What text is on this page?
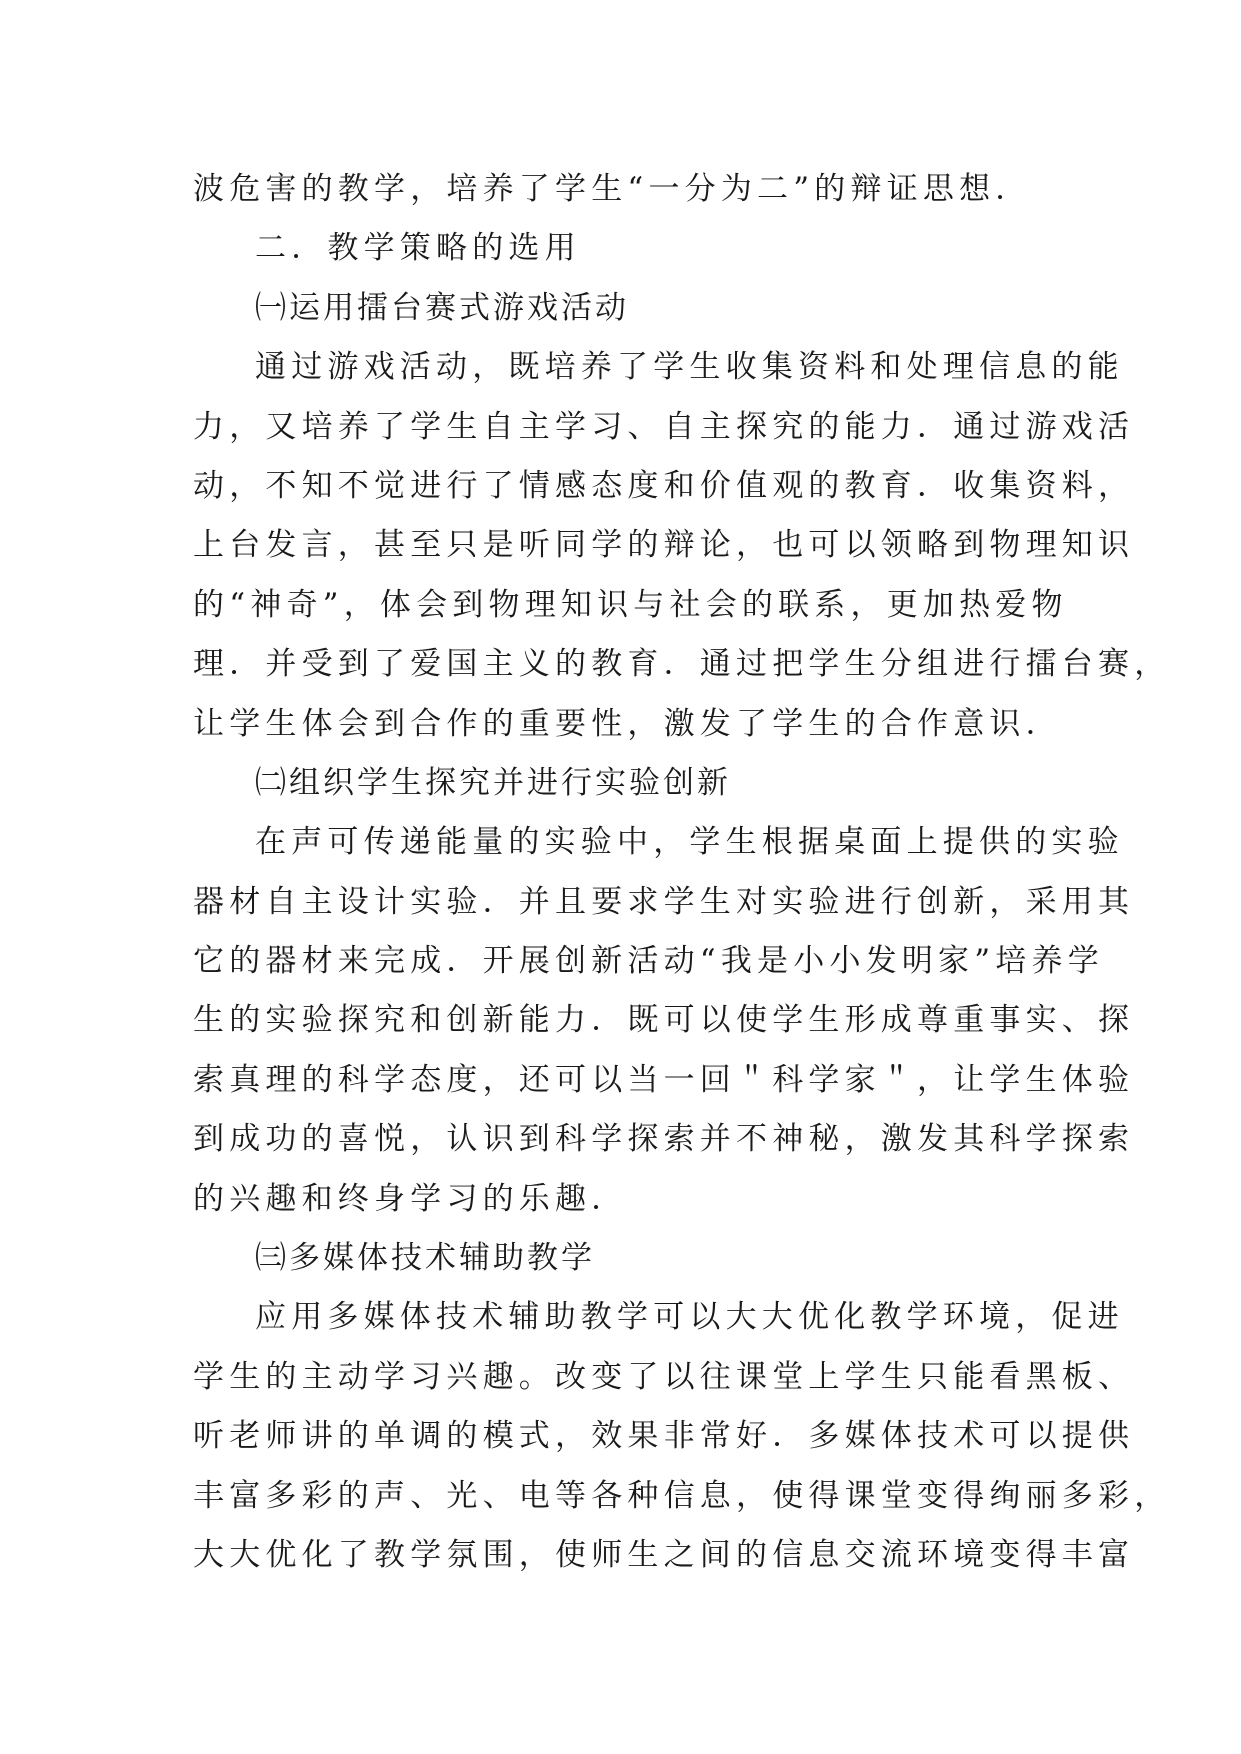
波危害的教学，培养了学生“一分为二”的辩证思想．
二．教学策略的选用
㈠运用擂台赛式游戏活动
通过游戏活动，既培养了学生收集资料和处理信息的能
力，又培养了学生自主学习、自主探究的能力．通过游戏活
动，不知不觉进行了情感态度和价值观的教育．收集资料，
上台发言，甚至只是听同学的辩论，也可以领略到物理知识
的“神奇”，体会到物理知识与社会的联系，更加热爱物
理．并受到了爱国主义的教育．通过把学生分组进行擂台赛，
让学生体会到合作的重要性，激发了学生的合作意识．
㈡组织学生探究并进行实验创新
在声可传递能量的实验中，学生根据桌面上提供的实验
器材自主设计实验．并且要求学生对实验进行创新，采用其
它的器材来完成．开展创新活动“我是小小发明家”培养学
生的实验探究和创新能力．既可以使学生形成尊重事实、探
索真理的科学态度，还可以当一回＂科学家＂，让学生体验
到成功的喜悦，认识到科学探索并不神秘，激发其科学探索
的兴趣和终身学习的乐趣．
㈢多媒体技术辅助教学
应用多媒体技术辅助教学可以大大优化教学环境，促进
学生的主动学习兴趣。改变了以往课堂上学生只能看黑板、
听老师讲的单调的模式，效果非常好．多媒体技术可以提供
丰富多彩的声、光、电等各种信息，使得课堂变得绚丽多彩，
大大优化了教学氛围，使师生之间的信息交流环境变得丰富
